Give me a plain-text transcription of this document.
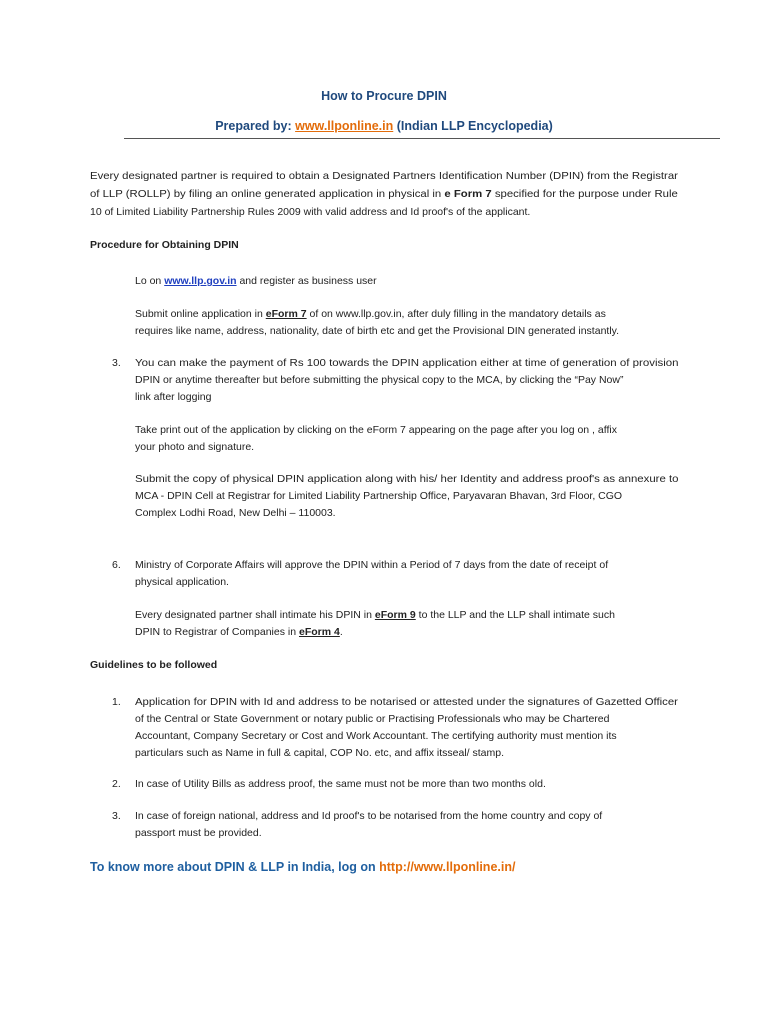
How to Procure DPIN
Prepared by: www.llponline.in (Indian LLP Encyclopedia)
Every designated partner is required to obtain a Designated Partners Identification Number (DPIN) from the Registrar
of LLP (ROLLP) by filing an online generated application in physical in e Form 7 specified for the purpose under Rule
10 of Limited Liability Partnership Rules 2009 with valid address and Id proof's of the applicant.
Procedure for Obtaining DPIN
Lo on www.llp.gov.in and register as business user
Submit online application in eForm 7 of on www.llp.gov.in, after duly filling in the mandatory details as
requires like name, address, nationality, date of birth etc and get the Provisional DIN generated instantly.
3. You can make the payment of Rs 100 towards the DPIN application either at time of generation of provision
DPIN or anytime thereafter but before submitting the physical copy to the MCA, by clicking the “Pay Now”
link after logging
Take print out of the application by clicking on the eForm 7 appearing on the page after you log on , affix
your photo and signature.
Submit the copy of physical DPIN application along with his/ her Identity and address proof's as annexure to
MCA - DPIN Cell at Registrar for Limited Liability Partnership Office, Paryavaran Bhavan, 3rd Floor, CGO
Complex Lodhi Road, New Delhi – 110003.
6. Ministry of Corporate Affairs will approve the DPIN within a Period of 7 days from the date of receipt of
physical application.
Every designated partner shall intimate his DPIN in eForm 9 to the LLP and the LLP shall intimate such
DPIN to Registrar of Companies in eForm 4.
Guidelines to be followed
1. Application for DPIN with Id and address to be notarised or attested under the signatures of Gazetted Officer
of the Central or State Government or notary public or Practising Professionals who may be Chartered
Accountant, Company Secretary or Cost and Work Accountant. The certifying authority must mention its
particulars such as Name in full & capital, COP No. etc, and affix itsseal/ stamp.
2. In case of Utility Bills as address proof, the same must not be more than two months old.
3. In case of foreign national, address and Id proof's to be notarised from the home country and copy of
passport must be provided.
To know more about DPIN & LLP in India, log on http://www.llponline.in/
